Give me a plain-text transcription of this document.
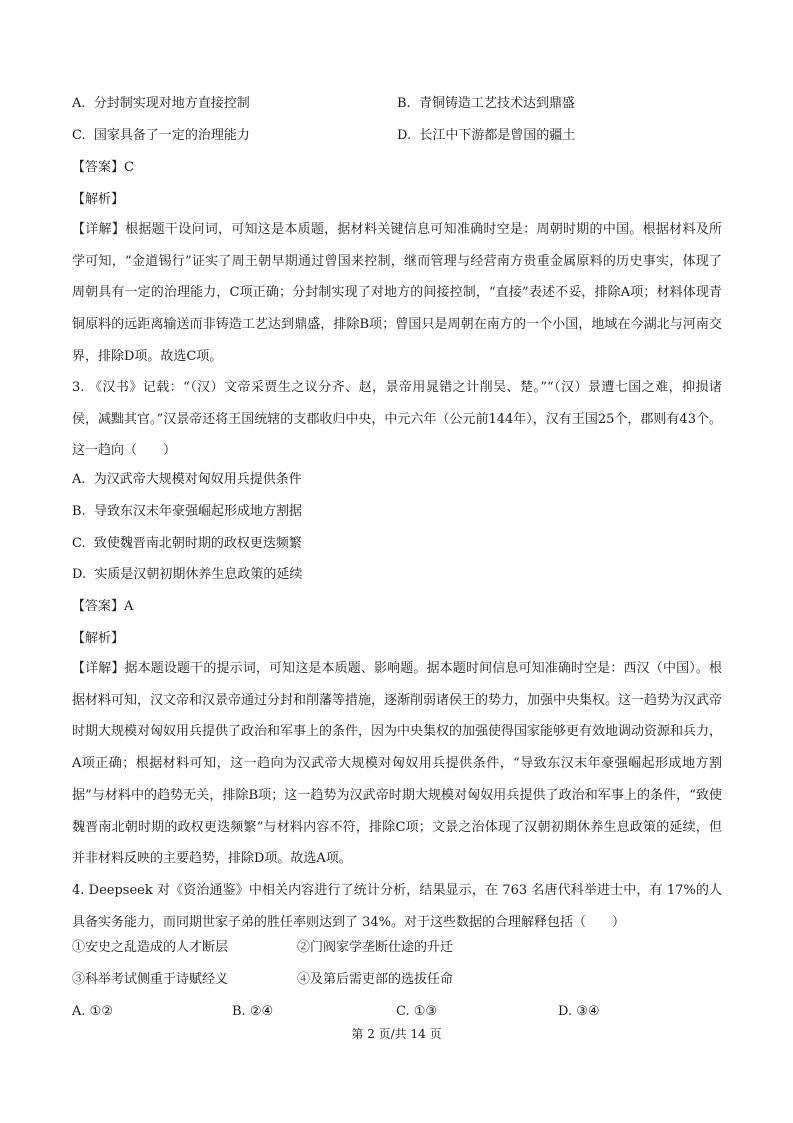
A. 分封制实现对地方直接控制	B. 青铜铸造工艺技术达到鼎盛
C. 国家具备了一定的治理能力	D. 长江中下游都是曾国的疆土
【答案】C
【解析】
【详解】根据题干设问词，可知这是本质题，据材料关键信息可知准确时空是：周朝时期的中国。根据材料及所学可知，“金道锡行”证实了周王朝早期通过曾国来控制，继而管理与经营南方贵重金属原料的历史事实，体现了周朝具有一定的治理能力，C项正确；分封制实现了对地方的间接控制，“直接”表述不妥，排除A项；材料体现青铜原料的远距离输送而非铸造工艺达到鼎盛，排除B项；曾国只是周朝在南方的一个小国，地域在今湖北与河南交界，排除D项。故选C项。
3. 《汉书》记载：“（汉）文帝采贾生之议分齐、赵，景帝用晁错之计削吴、楚。”“（汉）景遭七国之难，抑损诸侯，减黜其官。”汉景帝还将王国统辖的支郡收归中央，中元六年（公元前144年），汉有王国25个，郡则有43个。这一趋向（　　）
A. 为汉武帝大规模对匈奴用兵提供条件
B. 导致东汉末年豪强崛起形成地方割据
C. 致使魏晋南北朝时期的政权更迭频繁
D. 实质是汉朝初期休养生息政策的延续
【答案】A
【解析】
【详解】据本题设题干的提示词，可知这是本质题、影响题。据本题时间信息可知准确时空是：西汉（中国）。根据材料可知，汉文帝和汉景帝通过分封和削藩等措施，逐渐削弱诸侯王的势力，加强中央集权。这一趋势为汉武帝时期大规模对匈奴用兵提供了政治和军事上的条件，因为中央集权的加强使得国家能够更有效地调动资源和兵力，A项正确；根据材料可知，这一趋向为汉武帝大规模对匈奴用兵提供条件，“导致东汉末年豪强崛起形成地方割据”与材料中的趋势无关，排除B项；这一趋势为汉武帝时期大规模对匈奴用兵提供了政治和军事上的条件，“致使魏晋南北朝时期的政权更迭频繁”与材料内容不符，排除C项；文景之治体现了汉朝初期休养生息政策的延续，但并非材料反映的主要趋势，排除D项。故选A项。
4. Deepseek 对《资治通鉴》中相关内容进行了统计分析，结果显示，在 763 名唐代科举进士中，有 17%的人具备实务能力，而同期世家子弟的胜任率则达到了 34%。对于这些数据的合理解释包括（　　）
①安史之乱造成的人才断层	②门阀家学垄断仕途的升迁
③科举考试侧重于诗赋经义	④及第后需吏部的选拔任命
A. ①②	B. ②④	C. ①③	D. ③④
第 2 页/共 14 页
